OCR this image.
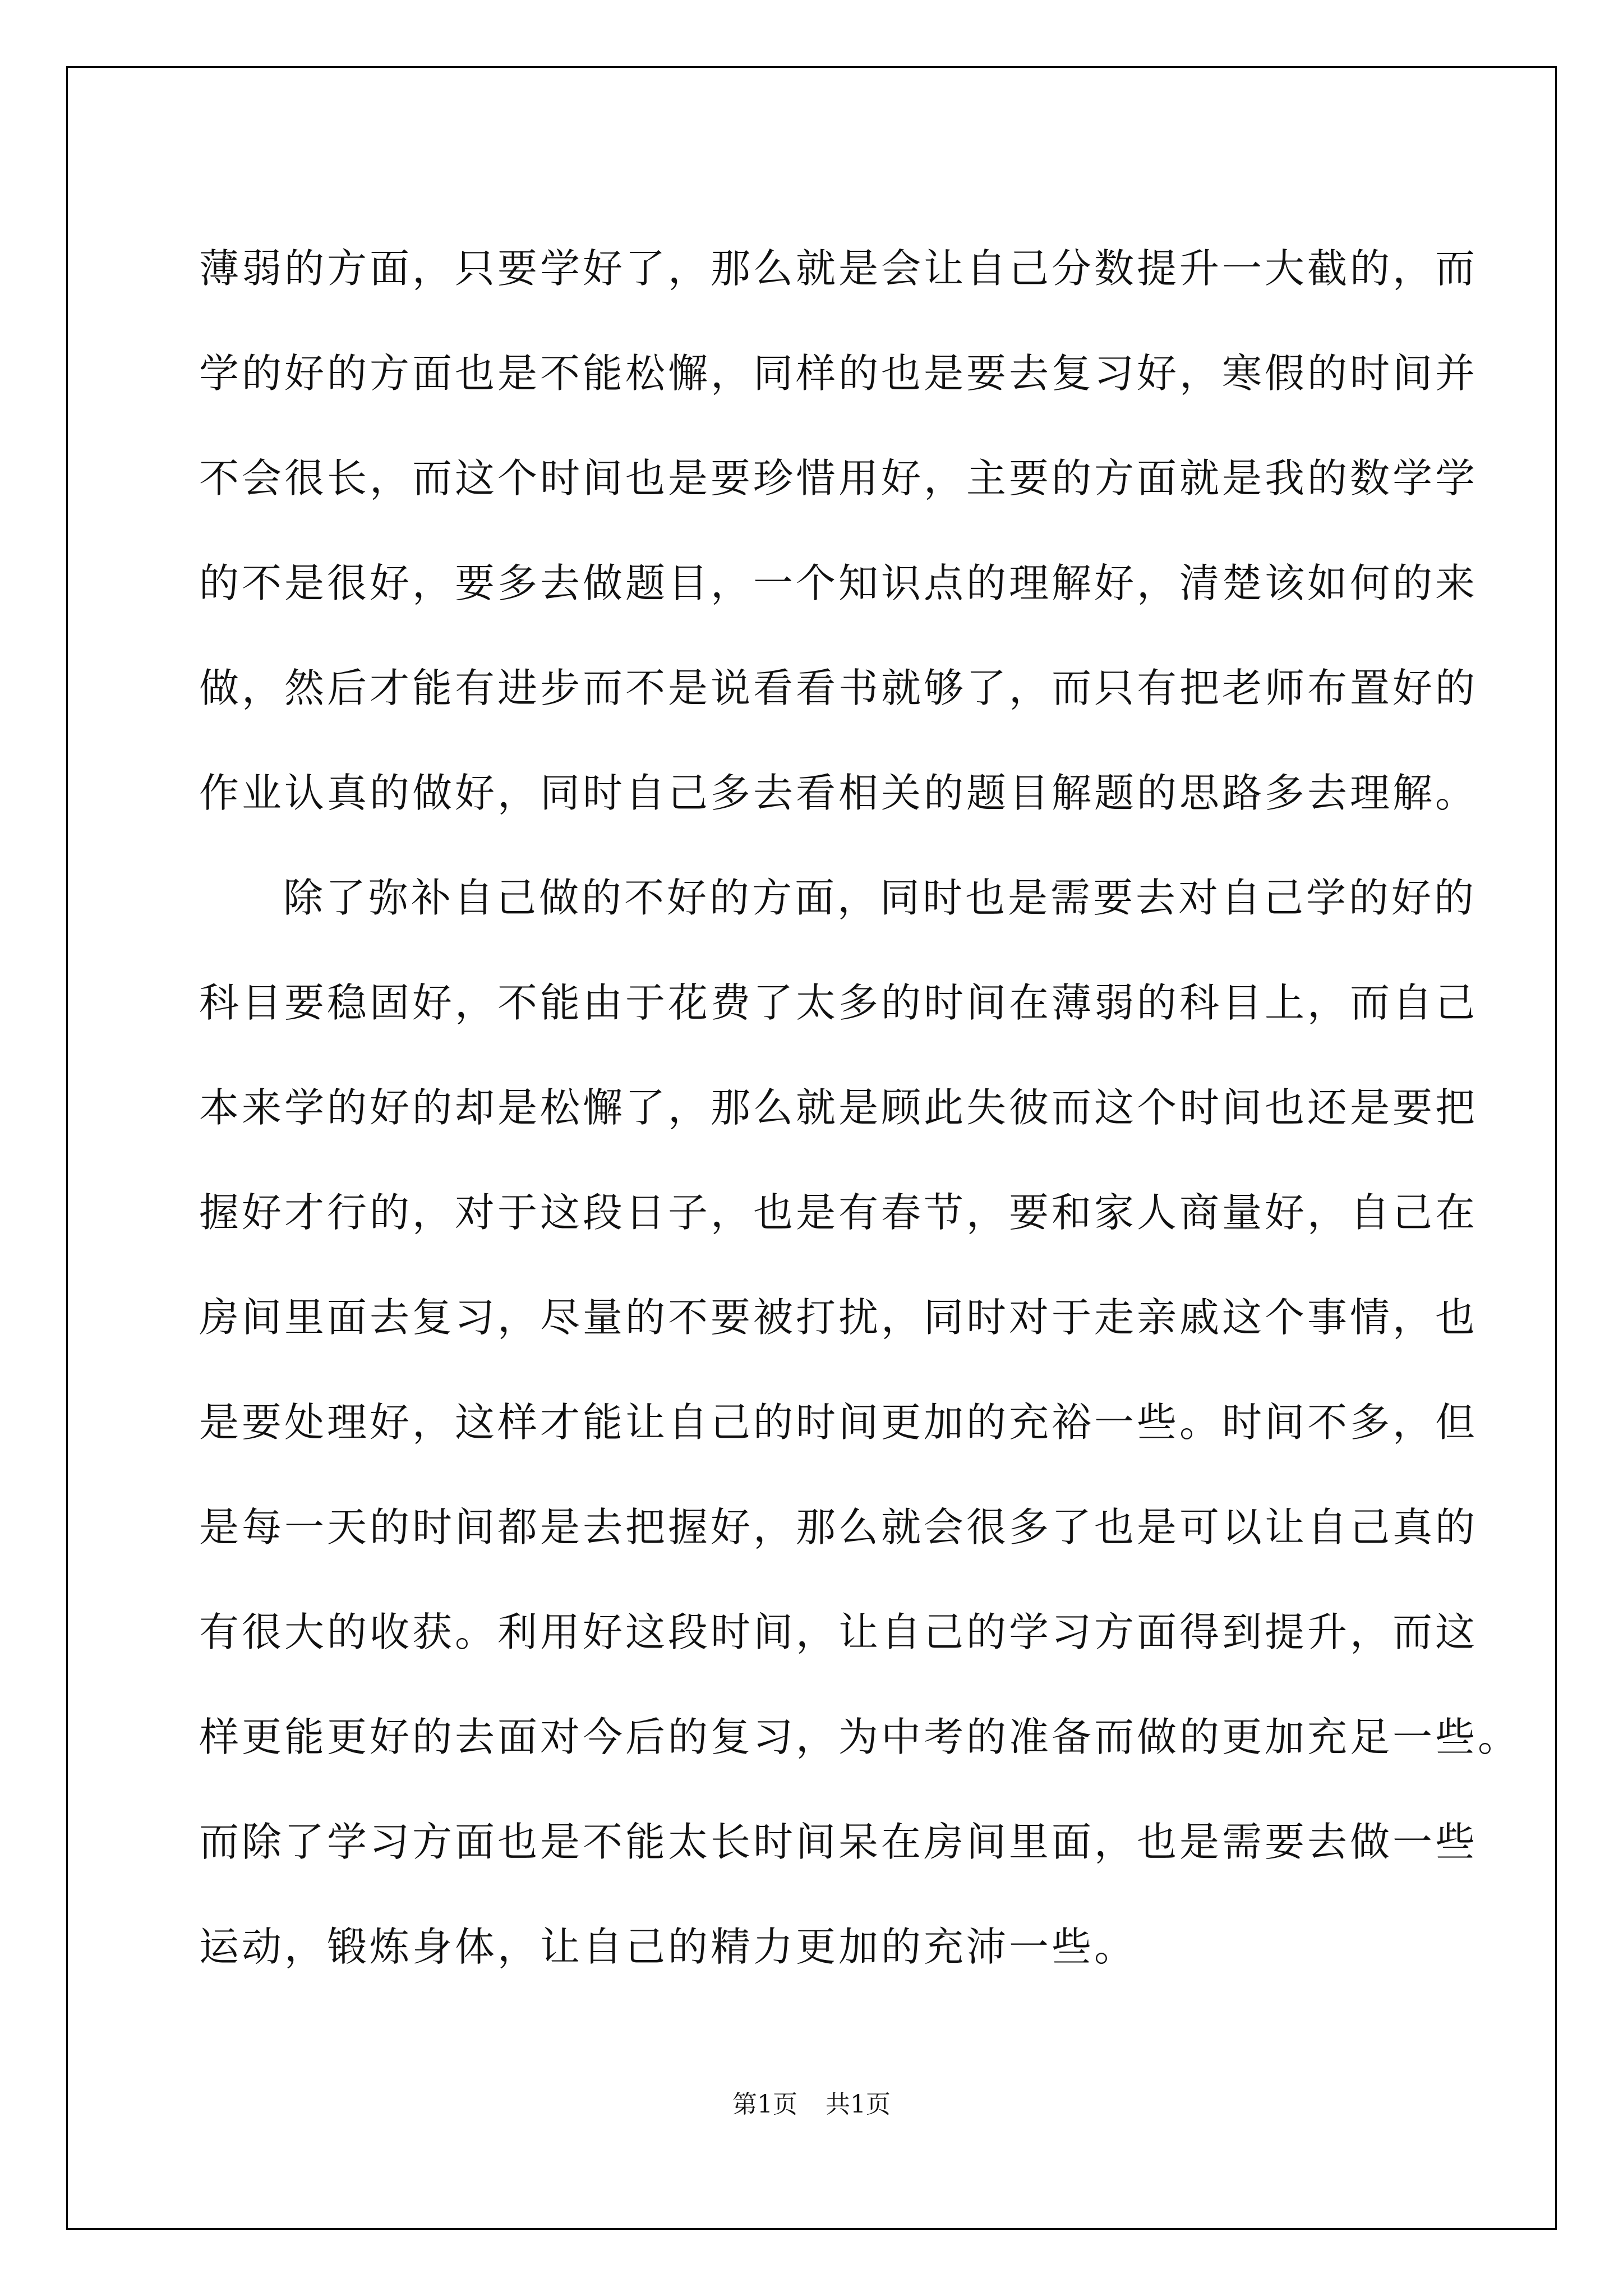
薄弱的方面，只要学好了，那么就是会让自己分数提升一大截的，而

学的好的方面也是不能松懈，同样的也是要去复习好，寒假的时间并

不会很长，而这个时间也是要珍惜用好，主要的方面就是我的数学学

的不是很好，要多去做题目，一个知识点的理解好，清楚该如何的来

做，然后才能有进步而不是说看看书就够了，而只有把老师布置好的

作业认真的做好，同时自己多去看相关的题目解题的思路多去理解。

除了弥补自己做的不好的方面，同时也是需要去对自己学的好的

科目要稳固好，不能由于花费了太多的时间在薄弱的科目上，而自己

本来学的好的却是松懈了，那么就是顾此失彼而这个时间也还是要把

握好才行的，对于这段日子，也是有春节，要和家人商量好，自己在

房间里面去复习，尽量的不要被打扰，同时对于走亲戚这个事情，也

是要处理好，这样才能让自己的时间更加的充裕一些。时间不多，但

是每一天的时间都是去把握好，那么就会很多了也是可以让自己真的

有很大的收获。利用好这段时间，让自己的学习方面得到提升，而这

样更能更好的去面对今后的复习，为中考的准备而做的更加充足一些。

而除了学习方面也是不能太长时间呆在房间里面，也是需要去做一些

运动，锻炼身体，让自己的精力更加的充沛一些。

第1页 共1页
